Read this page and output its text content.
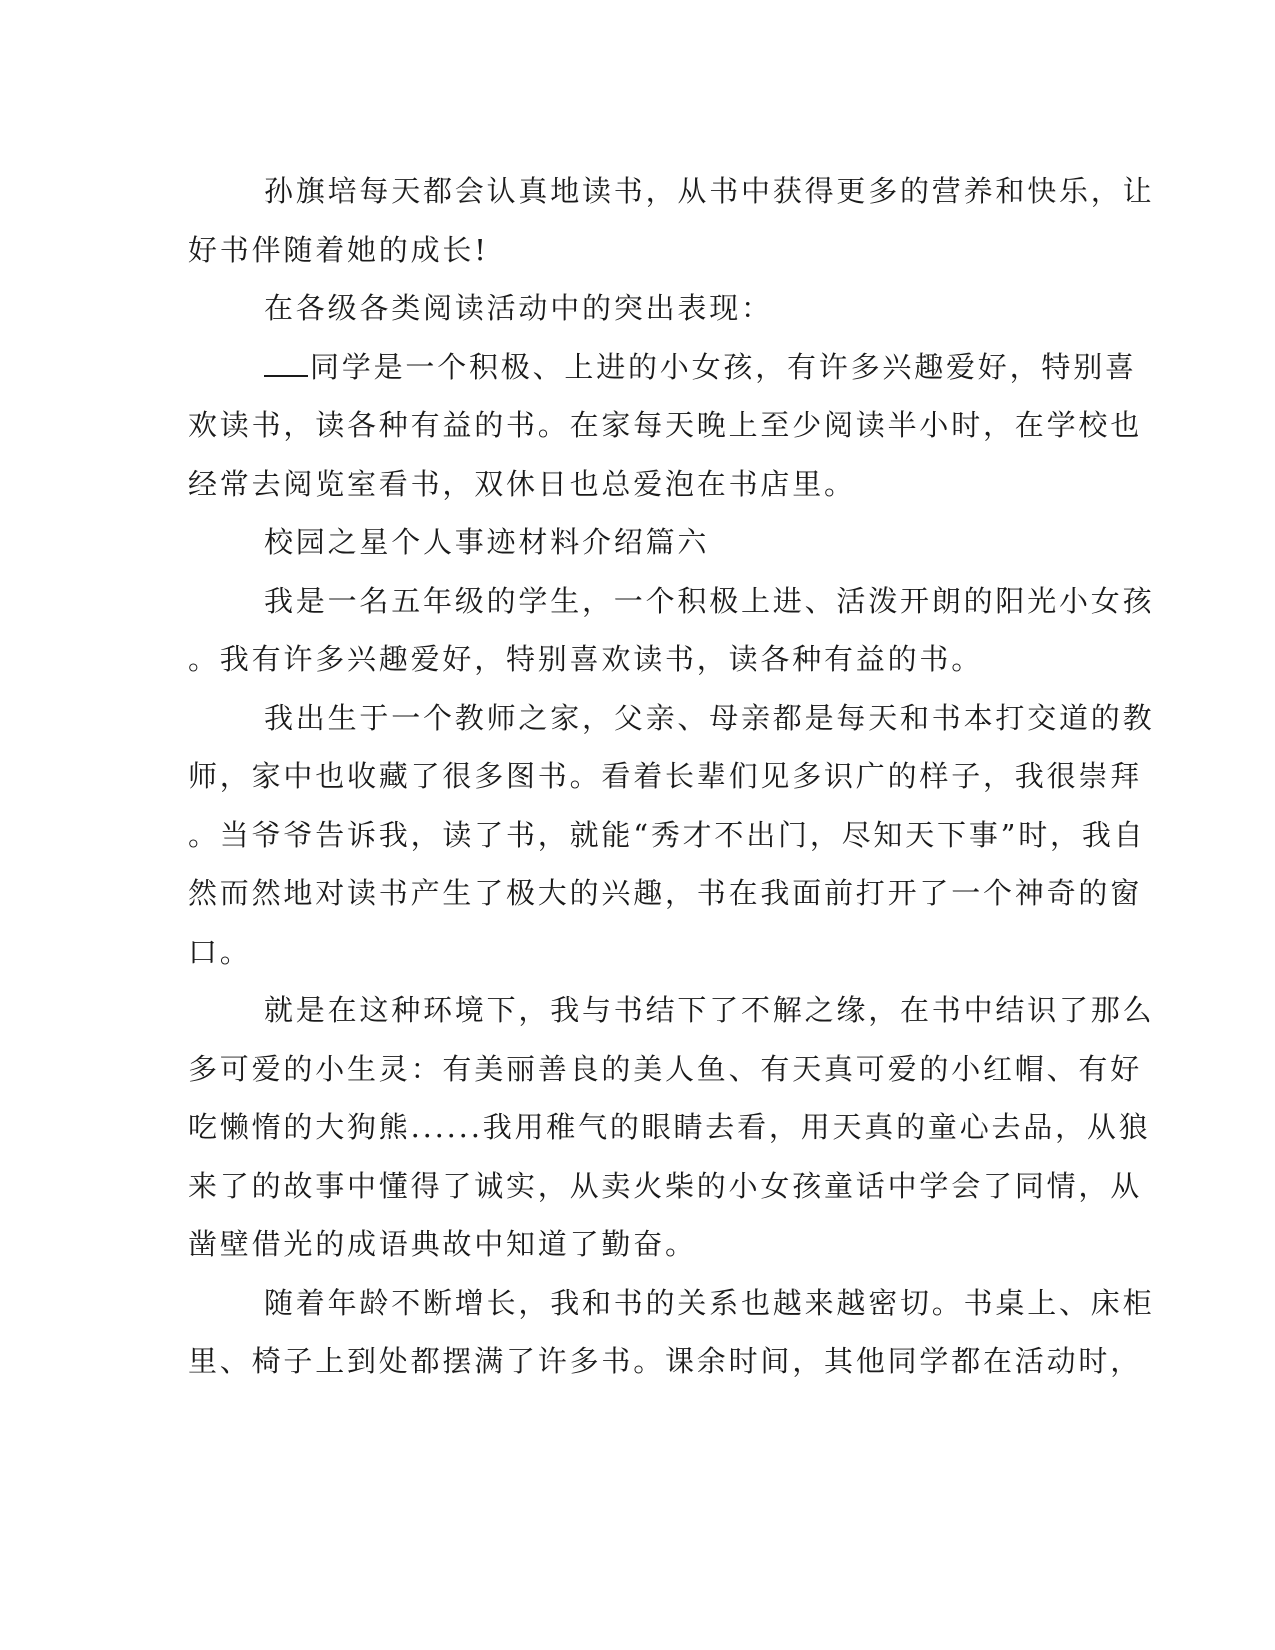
孙旗培每天都会认真地读书，从书中获得更多的营养和快乐，让
好书伴随着她的成长!

在各级各类阅读活动中的突出表现：

同学是一个积极、上进的小女孩，有许多兴趣爱好，特别喜
欢读书，读各种有益的书。在家每天晚上至少阅读半小时，在学校也
经常去阅览室看书，双休日也总爱泡在书店里。

校园之星个人事迹材料介绍篇六

我是一名五年级的学生，一个积极上进、活泼开朗的阳光小女孩
。我有许多兴趣爱好，特别喜欢读书，读各种有益的书。

我出生于一个教师之家，父亲、母亲都是每天和书本打交道的教
师，家中也收藏了很多图书。看着长辈们见多识广的样子，我很崇拜
。当爷爷告诉我，读了书，就能“秀才不出门，尽知天下事”时，我自
然而然地对读书产生了极大的兴趣，书在我面前打开了一个神奇的窗
口。

就是在这种环境下，我与书结下了不解之缘，在书中结识了那么
多可爱的小生灵：有美丽善良的美人鱼、有天真可爱的小红帽、有好
吃懒惰的大狗熊......我用稚气的眼睛去看，用天真的童心去品，从狼
来了的故事中懂得了诚实，从卖火柴的小女孩童话中学会了同情，从
凿壁借光的成语典故中知道了勤奋。

随着年龄不断增长，我和书的关系也越来越密切。书桌上、床柜
里、椅子上到处都摆满了许多书。课余时间，其他同学都在活动时，
